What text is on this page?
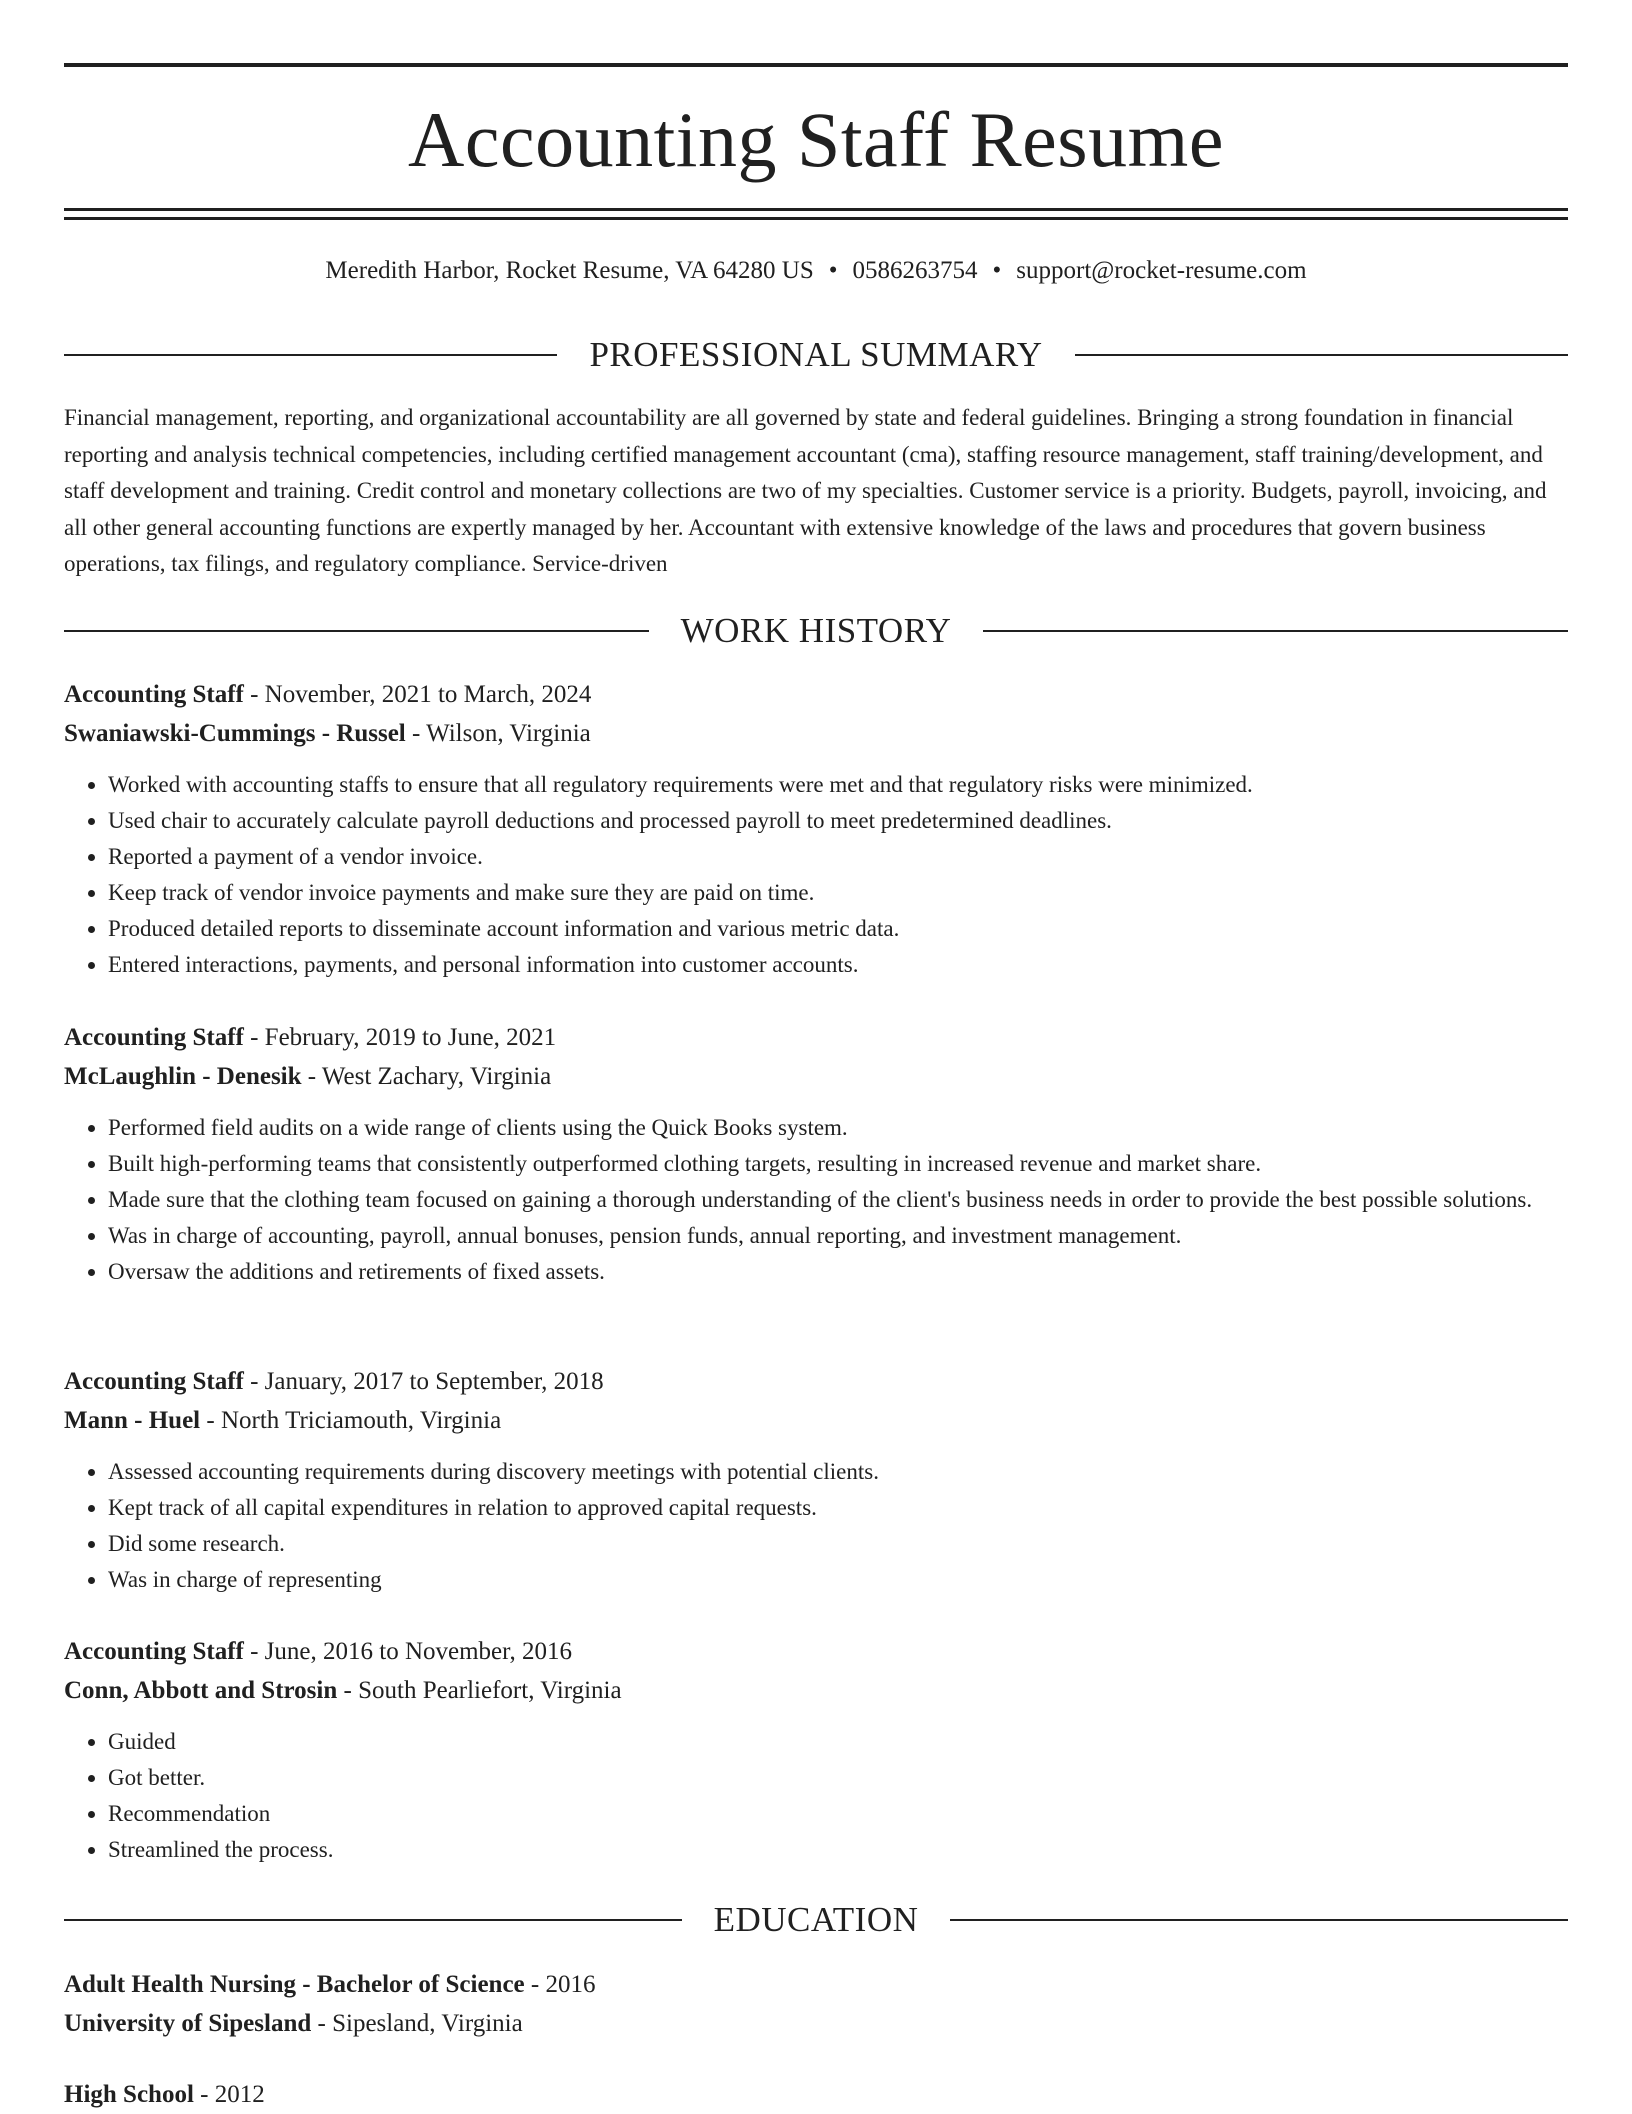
Accounting Staff Resume
Meredith Harbor, Rocket Resume, VA 64280 US • 0586263754 • support@rocket-resume.com
PROFESSIONAL SUMMARY

Financial management, reporting, and organizational accountability are all governed by state and federal guidelines. Bringing a strong foundation in financial reporting and analysis technical competencies, including certified management accountant (cma), staffing resource management, staff training/development, and staff development and training. Credit control and monetary collections are two of my specialties. Customer service is a priority. Budgets, payroll, invoicing, and all other general accounting functions are expertly managed by her. Accountant with extensive knowledge of the laws and procedures that govern business operations, tax filings, and regulatory compliance. Service-driven

WORK HISTORY

Accounting Staff - November, 2021 to March, 2024

Swaniawski-Cummings - Russel - Wilson, Virginia

• Worked with accounting staffs to ensure that all regulatory requirements were met and that regulatory risks were minimized.
• Used chair to accurately calculate payroll deductions and processed payroll to meet predetermined deadlines.
• Reported a payment of a vendor invoice.
• Keep track of vendor invoice payments and make sure they are paid on time.
• Produced detailed reports to disseminate account information and various metric data.
• Entered interactions, payments, and personal information into customer accounts.

Accounting Staff - February, 2019 to June, 2021

McLaughlin - Denesik - West Zachary, Virginia

• Performed field audits on a wide range of clients using the Quick Books system.
• Built high-performing teams that consistently outperformed clothing targets, resulting in increased revenue and market share.
• Made sure that the clothing team focused on gaining a thorough understanding of the client's business needs in order to provide the best possible solutions.
• Was in charge of accounting, payroll, annual bonuses, pension funds, annual reporting, and investment management.
• Oversaw the additions and retirements of fixed assets.

Accounting Staff - January, 2017 to September, 2018

Mann - Huel - North Triciamouth, Virginia

• Assessed accounting requirements during discovery meetings with potential clients.
• Kept track of all capital expenditures in relation to approved capital requests.
• Did some research.
• Was in charge of representing

Accounting Staff - June, 2016 to November, 2016

Conn, Abbott and Strosin - South Pearliefort, Virginia

• Guided
• Got better.
• Recommendation
• Streamlined the process.
EDUCATION

Adult Health Nursing - Bachelor of Science - 2016

University of Sipesland - Sipesland, Virginia

High School - 2012
